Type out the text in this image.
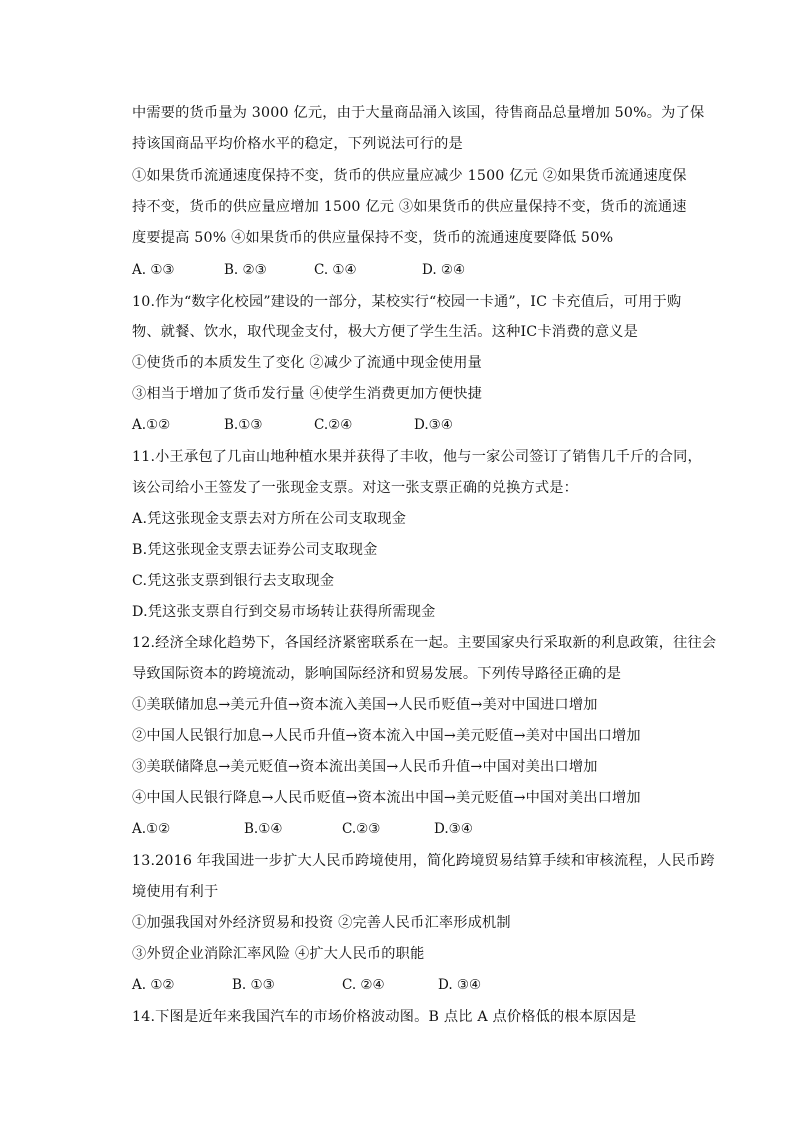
中需要的货币量为 3000 亿元，由于大量商品涌入该国，待售商品总量增加 50%。为了保
持该国商品平均价格水平的稳定，下列说法可行的是
①如果货币流通速度保持不变，货币的供应量应减少 1500 亿元 ②如果货币流通速度保
持不变，货币的供应量应增加 1500 亿元 ③如果货币的供应量保持不变，货币的流通速
度要提高 50% ④如果货币的供应量保持不变，货币的流通速度要降低 50%
A. ①③	B. ②③	C. ①④	D. ②④
10.作为“数字化校园”建设的一部分，某校实行“校园一卡通”，IC 卡充值后，可用于购
物、就餐、饮水，取代现金支付，极大方便了学生生活。这种IC卡消费的意义是
①使货币的本质发生了变化 ②减少了流通中现金使用量
③相当于增加了货币发行量 ④使学生消费更加方便快捷
A.①②	B.①③	C.②④	D.③④
11.小王承包了几亩山地种植水果并获得了丰收，他与一家公司签订了销售几千斤的合同，
该公司给小王签发了一张现金支票。对这一张支票正确的兑换方式是：
A.凭这张现金支票去对方所在公司支取现金
B.凭这张现金支票去证券公司支取现金
C.凭这张支票到银行去支取现金
D.凭这张支票自行到交易市场转让获得所需现金
12.经济全球化趋势下，各国经济紧密联系在一起。主要国家央行采取新的利息政策，往往会
导致国际资本的跨境流动，影响国际经济和贸易发展。下列传导路径正确的是
①美联储加息→美元升值→资本流入美国→人民币贬值→美对中国进口增加
②中国人民银行加息→人民币升值→资本流入中国→美元贬值→美对中国出口增加
③美联储降息→美元贬值→资本流出美国→人民币升值→中国对美出口增加
④中国人民银行降息→人民币贬值→资本流出中国→美元贬值→中国对美出口增加
A.①②	B.①④	C.②③	D.③④
13.2016 年我国进一步扩大人民币跨境使用，简化跨境贸易结算手续和审核流程，人民币跨
境使用有利于
①加强我国对外经济贸易和投资 ②完善人民币汇率形成机制
③外贸企业消除汇率风险 ④扩大人民币的职能
A. ①②	B. ①③	C. ②④	D. ③④
14.下图是近年来我国汽车的市场价格波动图。B 点比 A 点价格低的根本原因是
